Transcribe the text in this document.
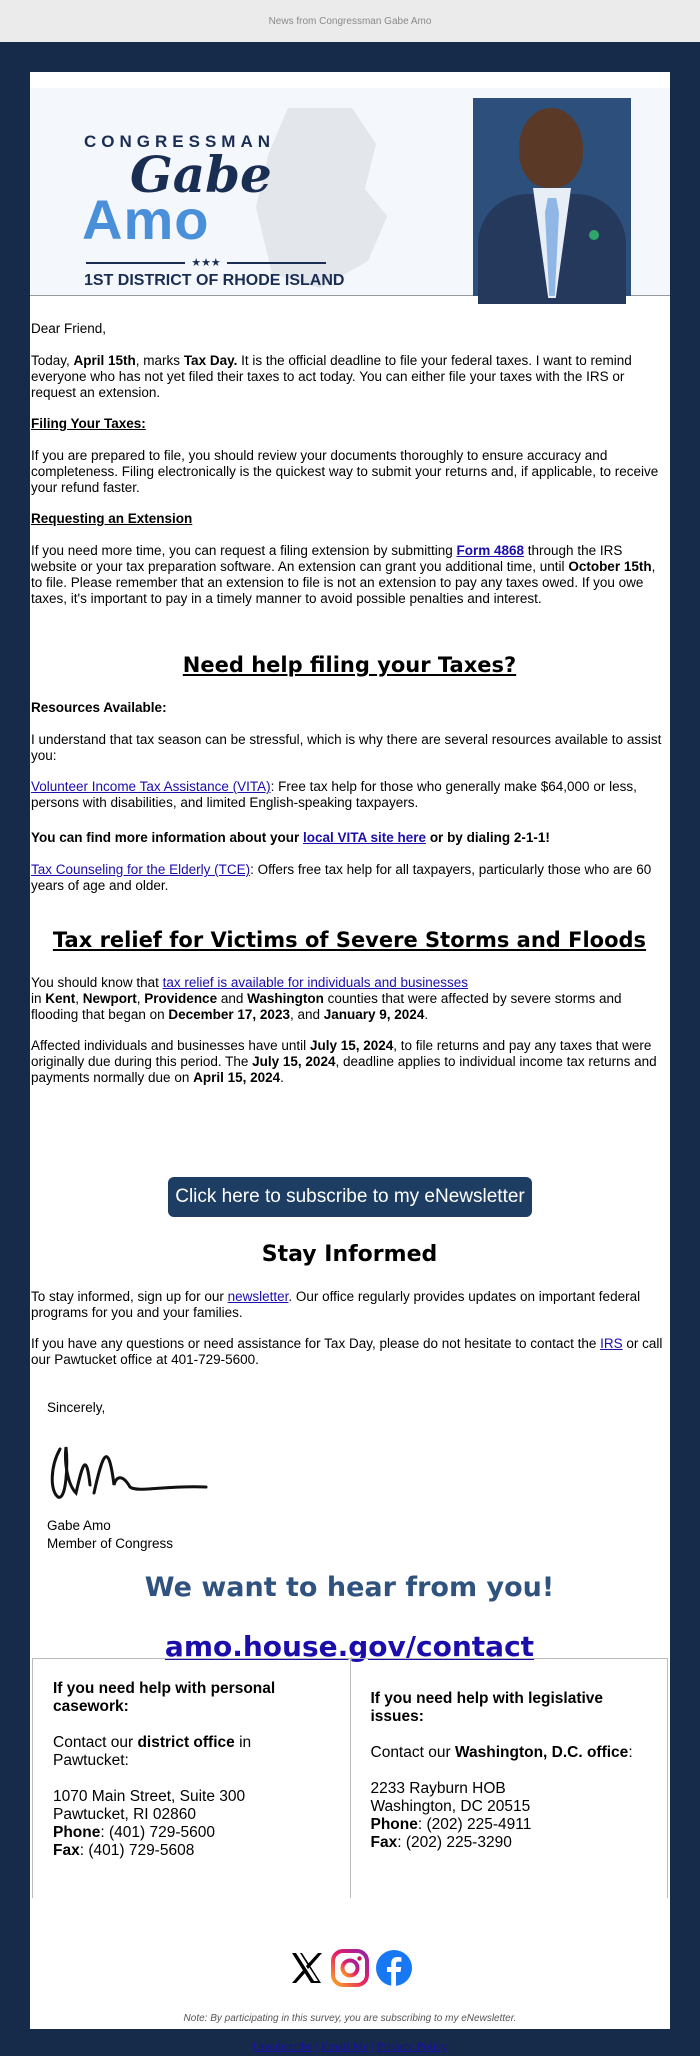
News from Congressman Gabe Amo
CONGRESSMAN
Gabe
Amo
★★★
1ST DISTRICT OF RHODE ISLAND
Dear Friend,
Today, April 15th, marks Tax Day. It is the official deadline to file your federal taxes. I want to remind everyone who has not yet filed their taxes to act today. You can either file your taxes with the IRS or request an extension.
Filing Your Taxes:
If you are prepared to file, you should review your documents thoroughly to ensure accuracy and completeness. Filing electronically is the quickest way to submit your returns and, if applicable, to receive your refund faster.
Requesting an Extension
If you need more time, you can request a filing extension by submitting Form 4868 through the IRS website or your tax preparation software. An extension can grant you additional time, until October 15th, to file. Please remember that an extension to file is not an extension to pay any taxes owed. If you owe taxes, it's important to pay in a timely manner to avoid possible penalties and interest.
Need help filing your Taxes?
Resources Available:
I understand that tax season can be stressful, which is why there are several resources available to assist you:
Volunteer Income Tax Assistance (VITA): Free tax help for those who generally make $64,000 or less, persons with disabilities, and limited English-speaking taxpayers.
You can find more information about your local VITA site here or by dialing 2-1-1!
Tax Counseling for the Elderly (TCE): Offers free tax help for all taxpayers, particularly those who are 60 years of age and older.
Tax relief for Victims of Severe Storms and Floods
You should know that tax relief is available for individuals and businesses
in Kent, Newport, Providence and Washington counties that were affected by severe storms and flooding that began on December 17, 2023, and January 9, 2024.
Affected individuals and businesses have until July 15, 2024, to file returns and pay any taxes that were originally due during this period. The July 15, 2024, deadline applies to individual income tax returns and payments normally due on April 15, 2024.
Click here to subscribe to my eNewsletter
Stay Informed
To stay informed, sign up for our newsletter. Our office regularly provides updates on important federal programs for you and your families.
If you have any questions or need assistance for Tax Day, please do not hesitate to contact the IRS or call our Pawtucket office at 401-729-5600.
Sincerely,
Gabe Amo
Member of Congress
We want to hear from you!
amo.house.gov/contact
If you need help with personal casework:
Contact our district office in Pawtucket:
1070 Main Street, Suite 300
Pawtucket, RI 02860
Phone: (401) 729-5600
Fax: (401) 729-5608
If you need help with legislative issues:
Contact our Washington, D.C. office:
2233 Rayburn HOB
Washington, DC 20515
Phone: (202) 225-4911
Fax: (202) 225-3290
Note: By participating in this survey, you are subscribing to my eNewsletter.
Unsubscribe | Email Me | Privacy Policy
